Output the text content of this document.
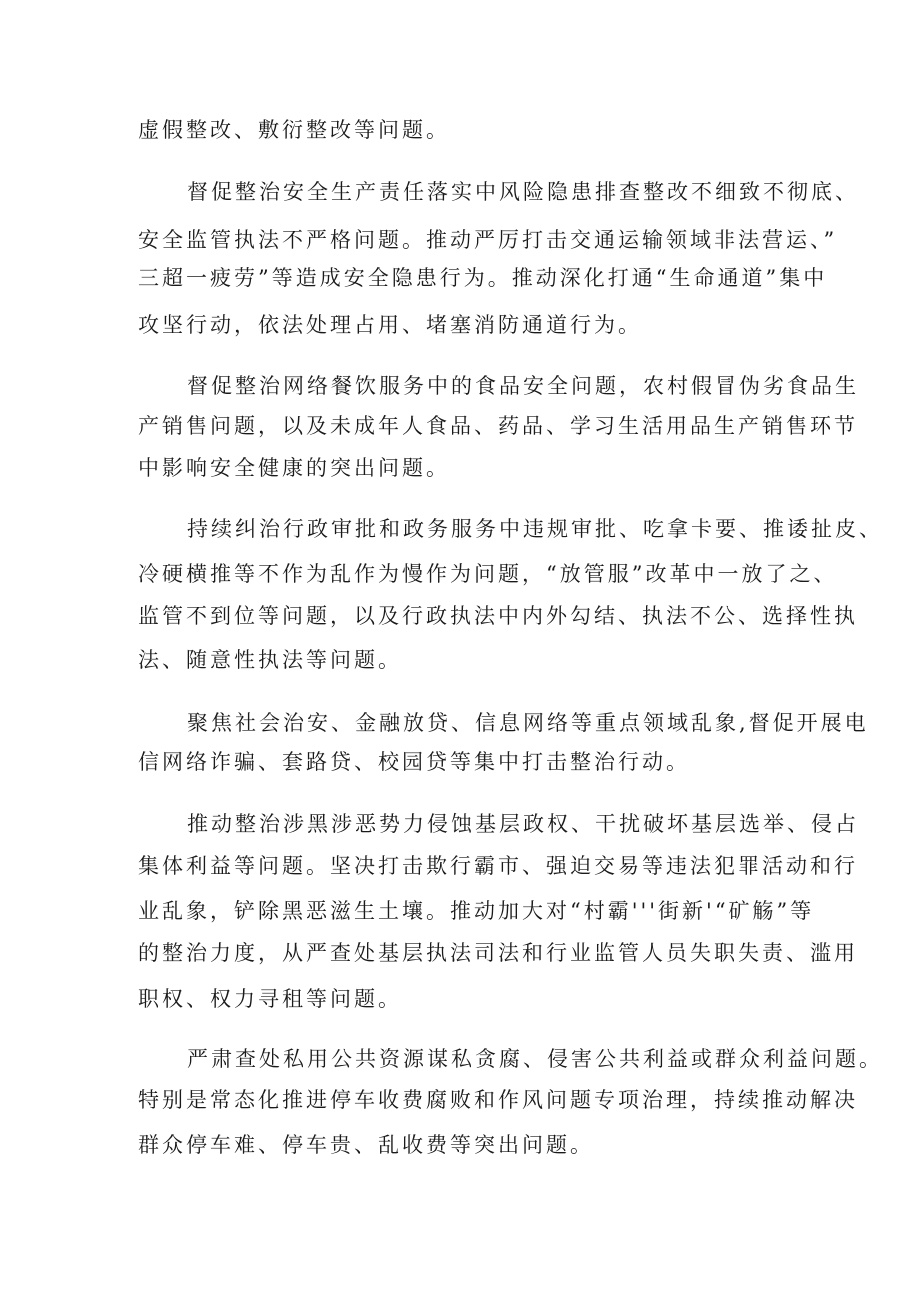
虚假整改、敷衍整改等问题。

督促整治安全生产责任落实中风险隐患排查整改不细致不彻底、

安全监管执法不严格问题。推动严厉打击交通运输领域非法营运、”

三超一疲劳”等造成安全隐患行为。推动深化打通“生命通道”集中

攻坚行动，依法处理占用、堵塞消防通道行为。

督促整治网络餐饮服务中的食品安全问题，农村假冒伪劣食品生

产销售问题，以及未成年人食品、药品、学习生活用品生产销售环节

中影响安全健康的突出问题。

持续纠治行政审批和政务服务中违规审批、吃拿卡要、推诿扯皮、

冷硬横推等不作为乱作为慢作为问题，“放管服”改革中一放了之、

监管不到位等问题，以及行政执法中内外勾结、执法不公、选择性执

法、随意性执法等问题。

聚焦社会治安、金融放贷、信息网络等重点领域乱象,督促开展电

信网络诈骗、套路贷、校园贷等集中打击整治行动。

推动整治涉黑涉恶势力侵蚀基层政权、干扰破坏基层选举、侵占

集体利益等问题。坚决打击欺行霸市、强迫交易等违法犯罪活动和行

业乱象，铲除黑恶滋生土壤。推动加大对“村霸'''街新'“矿觞”等

的整治力度，从严查处基层执法司法和行业监管人员失职失责、滥用

职权、权力寻租等问题。

严肃查处私用公共资源谋私贪腐、侵害公共利益或群众利益问题。

特别是常态化推进停车收费腐败和作风问题专项治理，持续推动解决

群众停车难、停车贵、乱收费等突出问题。
